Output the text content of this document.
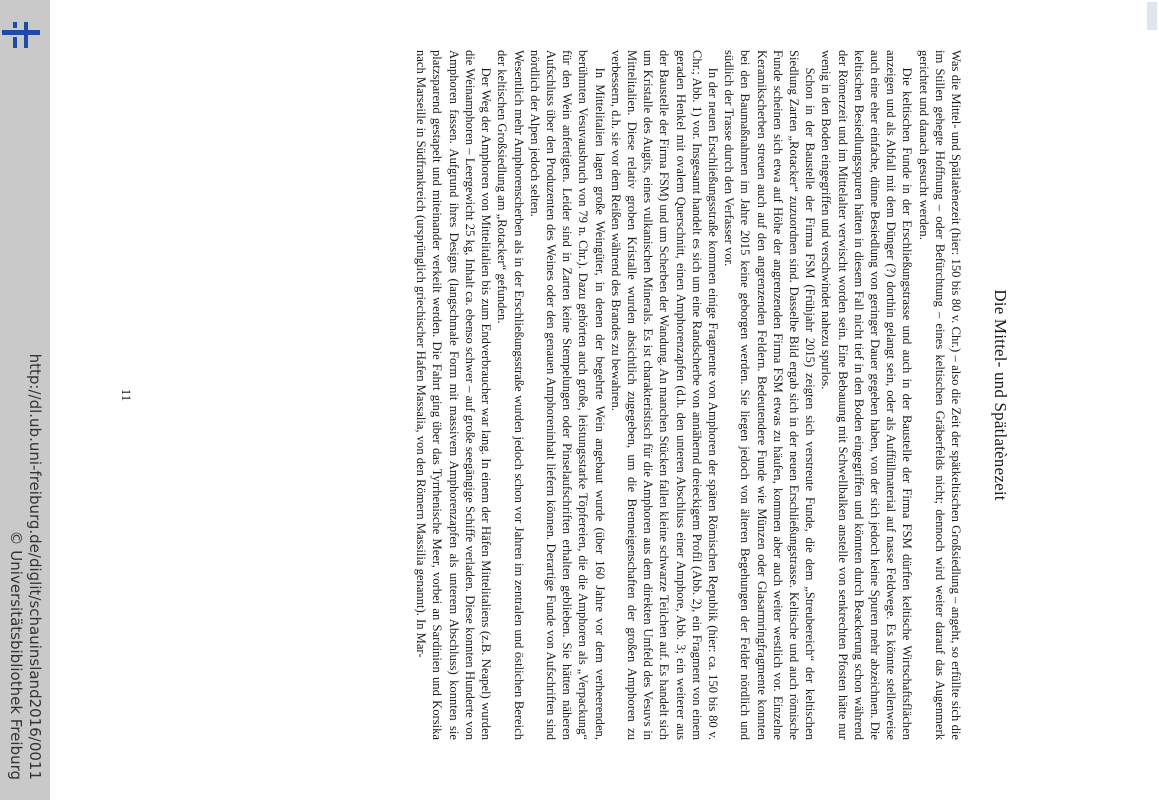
http://dl.ub.uni-freiburg.de/diglit/schauinsland2016/0011
© Universitätsbibliothek Freiburg
Die Mittel- und Spätlatènezeit

Was die Mittel- und Spätlatènezeit (hier: 150 bis 80 v. Chr.) – also die Zeit der spätkeltischen Großsiedlung – angeht, so erfüllte sich die im Stillen gehegte Hoffnung – oder Befürchtung – eines keltischen Gräberfelds nicht; dennoch wird weiter darauf das Augenmerk gerichtet und danach gesucht werden.

Die keltischen Funde in der Erschließungstrasse und auch in der Baustelle der Firma FSM dürften keltische Wirtschaftsflächen anzeigen und als Abfall mit dem Dünger (?) dorthin gelangt sein, oder als Auffüllmaterial auf nasse Feldwege. Es könnte stellenweise auch eine eher einfache, dünne Besiedlung von geringer Dauer gegeben haben, von der sich jedoch keine Spuren mehr abzeichnen. Die keltischen Besiedlungsspuren hätten in diesem Fall nicht tief in den Boden eingegriffen und könnten durch Beackerung schon während der Römerzeit und im Mittelalter verwischt worden sein. Eine Bebauung mit Schwellbalken anstelle von senkrechten Pfosten hätte nur wenig in den Boden eingegriffen und verschwindet nahezu spurlos.

Schon in der Baustelle der Firma FSM (Frühjahr 2015) zeigten sich verstreute Funde, die dem „Streubereich“ der keltischen Siedlung Zarten „Rotacker“ zuzuordnen sind. Dasselbe Bild ergab sich in der neuen Erschließungstrasse. Keltische und auch römische Funde scheinen sich etwa auf Höhe der angrenzenden Firma FSM etwas zu häufen, kommen aber auch weiter westlich vor. Einzelne Keramikscherben streuen auch auf den angrenzenden Feldern. Bedeutendere Funde wie Münzen oder Glasarmringfragmente konnten bei den Baumaßnahmen im Jahre 2015 keine geborgen werden. Sie liegen jedoch von älteren Begehungen der Felder nördlich und südlich der Trasse durch den Verfasser vor.

In der neuen Erschließungsstraße kommen einige Fragmente von Amphoren der späten Römischen Republik (hier: ca. 150 bis 80 v. Chr.; Abb. 1) vor. Insgesamt handelt es sich um eine Randscherbe von annähernd dreieckigem Profil (Abb. 2), ein Fragment von einem geraden Henkel mit ovalem Querschnitt, einen Amphorenzapfen (d.h. den unteren Abschluss einer Amphore, Abb. 3; ein weiterer aus der Baustelle der Firma FSM) und um Scherben der Wandung. An manchen Stücken fallen kleine schwarze Teilchen auf. Es handelt sich um Kristalle des Augits, eines vulkanischen Minerals. Es ist charakteristisch für die Amphoren aus dem direkten Umfeld des Vesuvs in Mittelitalien. Diese relativ groben Kristalle wurden absichtlich zugegeben, um die Brenneigenschaften der großen Amphoren zu verbessern, d.h. sie vor dem Reißen während des Brandes zu bewahren.

In Mittelitalien lagen große Weingüter, in denen der begehrte Wein angebaut wurde (über 160 Jahre vor dem verheerenden, berühmten Vesuvausbruch von 79 n. Chr.). Dazu gehörten auch große, leistungsstarke Töpfereien, die die Amphoren als „Verpackung“ für den Wein anfertigten. Leider sind in Zarten keine Stempelungen oder Pinselaufschriften erhalten geblieben. Sie hätten näheren Aufschluss über den Produzenten des Weines oder den genauen Amphoreninhalt liefern können. Derartige Funde von Aufschriften sind nördlich der Alpen jedoch selten.

Wesentlich mehr Amphorenscherben als in der Erschließungsstraße wurden jedoch schon vor Jahren im zentralen und östlichen Bereich der keltischen Großsiedlung am „Rotacker“ gefunden.

Der Weg der Amphoren von Mittelitalien bis zum Endverbraucher war lang. In einem der Häfen Mittelitaliens (z.B. Neapel) wurden die Weinamphoren – Leergewicht 25 kg, Inhalt ca. ebenso schwer – auf große seegängige Schiffe verladen. Diese konnten Hunderte von Amphoren fassen. Aufgrund ihres Designs (langschmale Form mit massivem Amphorenzapfen als unterem Abschluss) konnten sie platzsparend gestapelt und miteinander verkeilt werden. Die Fahrt ging über das Tyrrhenische Meer, vorbei an Sardinien und Korsika nach Marseille in Südfrankreich (ursprünglich griechischer Hafen Massalia, von den Römern Massilia genannt). In Mar-

11
